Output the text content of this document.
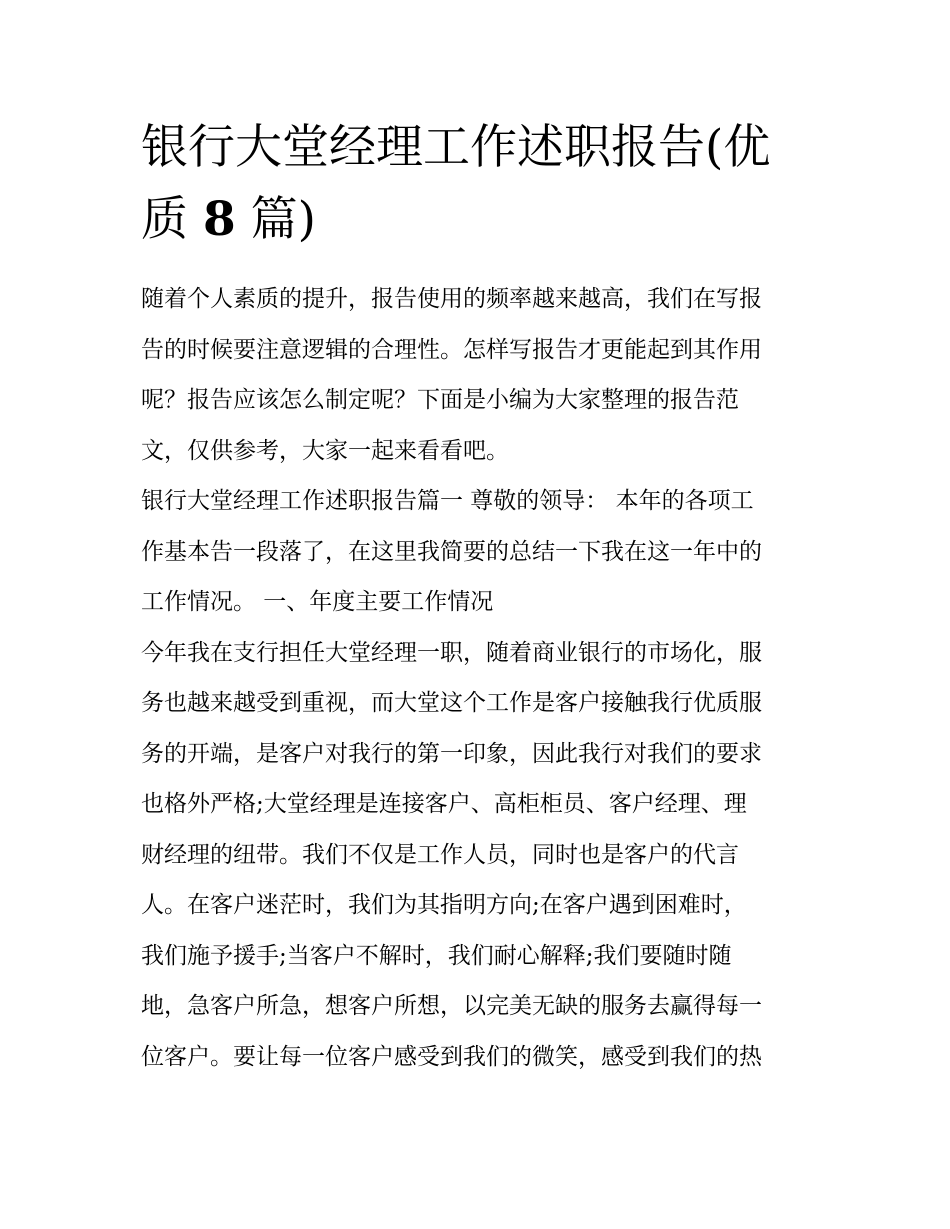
银行大堂经理工作述职报告(优
质 8 篇)

随着个人素质的提升，报告使用的频率越来越高，我们在写报
告的时候要注意逻辑的合理性。怎样写报告才更能起到其作用
呢？报告应该怎么制定呢？下面是小编为大家整理的报告范
文，仅供参考，大家一起来看看吧。

银行大堂经理工作述职报告篇一 尊敬的领导： 本年的各项工
作基本告一段落了，在这里我简要的总结一下我在这一年中的
工作情况。 一、年度主要工作情况

今年我在支行担任大堂经理一职，随着商业银行的市场化，服
务也越来越受到重视，而大堂这个工作是客户接触我行优质服
务的开端，是客户对我行的第一印象，因此我行对我们的要求
也格外严格;大堂经理是连接客户、高柜柜员、客户经理、理
财经理的纽带。我们不仅是工作人员，同时也是客户的代言
人。在客户迷茫时，我们为其指明方向;在客户遇到困难时，
我们施予援手;当客户不解时，我们耐心解释;我们要随时随
地，急客户所急，想客户所想，以完美无缺的服务去赢得每一
位客户。要让每一位客户感受到我们的微笑，感受到我们的热
